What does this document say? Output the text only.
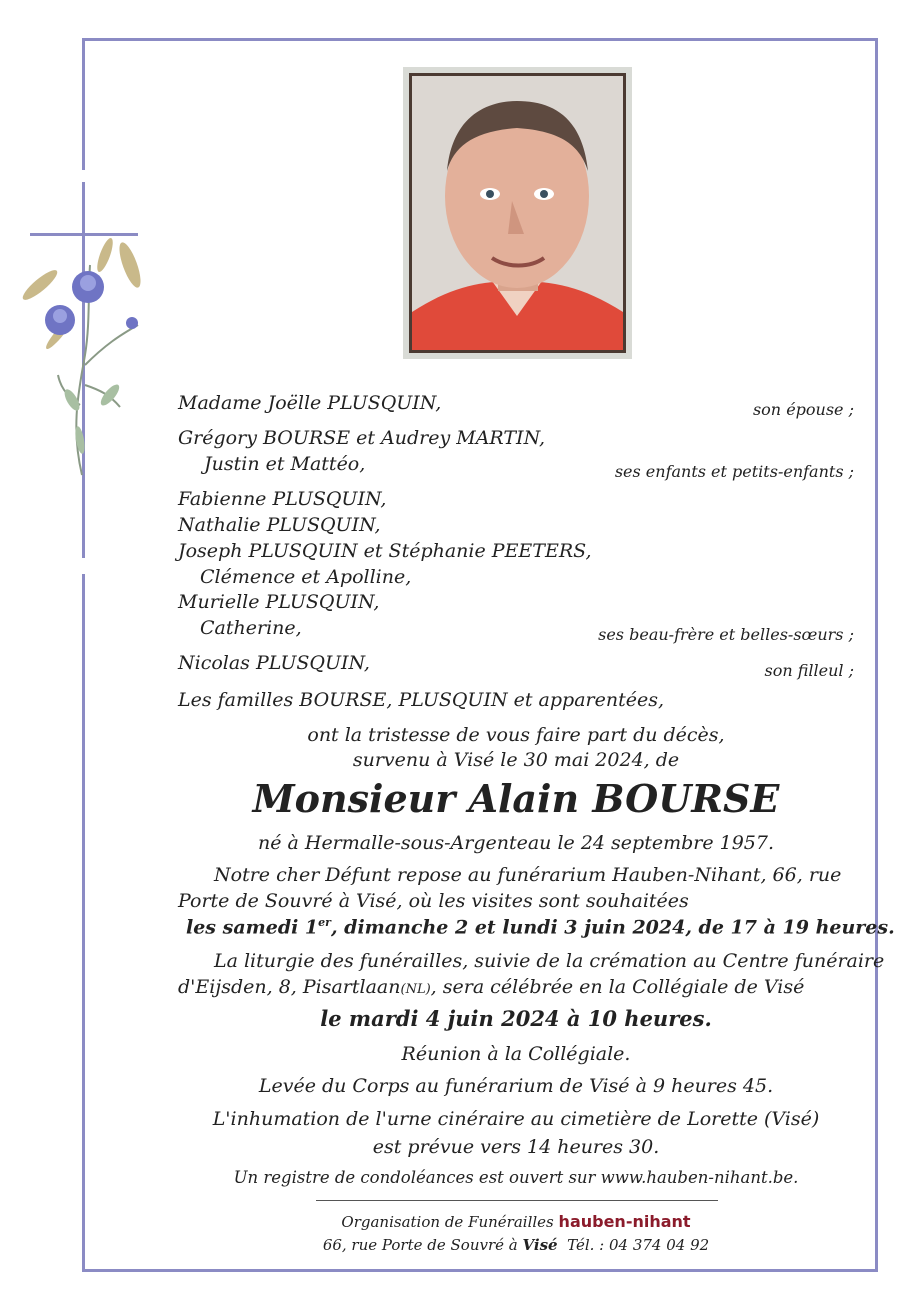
Madame Joëlle PLUSQUIN,	son épouse ;
Grégory BOURSE et Audrey MARTIN,
Justin et Mattéo,	ses enfants et petits-enfants ;
Fabienne PLUSQUIN,
Nathalie PLUSQUIN,
Joseph PLUSQUIN et Stéphanie PEETERS,
Clémence et Apolline,
Murielle PLUSQUIN,
Catherine,	ses beau-frère et belles-sœurs ;
Nicolas PLUSQUIN,	son filleul ;
Les familles BOURSE, PLUSQUIN et apparentées,
ont la tristesse de vous faire part du décès,
survenu à Visé le 30 mai 2024, de
Monsieur Alain BOURSE
né à Hermalle-sous-Argenteau le 24 septembre 1957.
Notre cher Défunt repose au funérarium Hauben-Nihant, 66, rue
Porte de Souvré à Visé, où les visites sont souhaitées
les samedi 1er, dimanche 2 et lundi 3 juin 2024, de 17 à 19 heures.
La liturgie des funérailles, suivie de la crémation au Centre funéraire
d'Eijsden, 8, Pisartlaan(NL), sera célébrée en la Collégiale de Visé
le mardi 4 juin 2024 à 10 heures.
Réunion à la Collégiale.
Levée du Corps au funérarium de Visé à 9 heures 45.
L'inhumation de l'urne cinéraire au cimetière de Lorette (Visé)
est prévue vers 14 heures 30.
Un registre de condoléances est ouvert sur www.hauben-nihant.be.
Organisation de Funérailles hauben-nihant
66, rue Porte de Souvré à Visé Tél. : 04 374 04 92
